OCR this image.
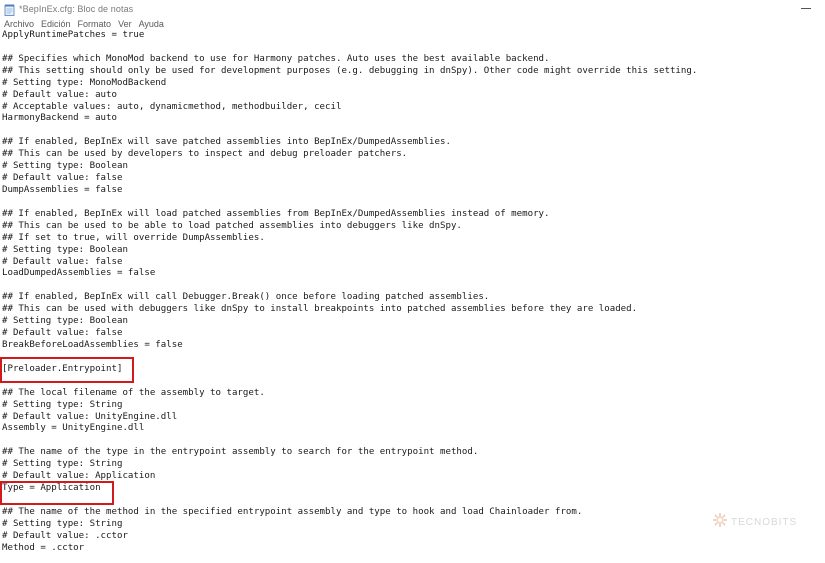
*BepInEx.cfg: Bloc de notas
Archivo Edición Formato Ver Ayuda
ApplyRuntimePatches = true
## Specifies which MonoMod backend to use for Harmony patches. Auto uses the best available backend.
## This setting should only be used for development purposes (e.g. debugging in dnSpy). Other code might override this setting.
# Setting type: MonoModBackend
# Default value: auto
# Acceptable values: auto, dynamicmethod, methodbuilder, cecil
HarmonyBackend = auto
## If enabled, BepInEx will save patched assemblies into BepInEx/DumpedAssemblies.
## This can be used by developers to inspect and debug preloader patchers.
# Setting type: Boolean
# Default value: false
DumpAssemblies = false
## If enabled, BepInEx will load patched assemblies from BepInEx/DumpedAssemblies instead of memory.
## This can be used to be able to load patched assemblies into debuggers like dnSpy.
## If set to true, will override DumpAssemblies.
# Setting type: Boolean
# Default value: false
LoadDumpedAssemblies = false
## If enabled, BepInEx will call Debugger.Break() once before loading patched assemblies.
## This can be used with debuggers like dnSpy to install breakpoints into patched assemblies before they are loaded.
# Setting type: Boolean
# Default value: false
BreakBeforeLoadAssemblies = false
[Preloader.Entrypoint]
## The local filename of the assembly to target.
# Setting type: String
# Default value: UnityEngine.dll
Assembly = UnityEngine.dll
## The name of the type in the entrypoint assembly to search for the entrypoint method.
# Setting type: String
# Default value: Application
Type = Application
## The name of the method in the specified entrypoint assembly and type to hook and load Chainloader from.
# Setting type: String
# Default value: .cctor
Method = .cctor
TECNOBITS
